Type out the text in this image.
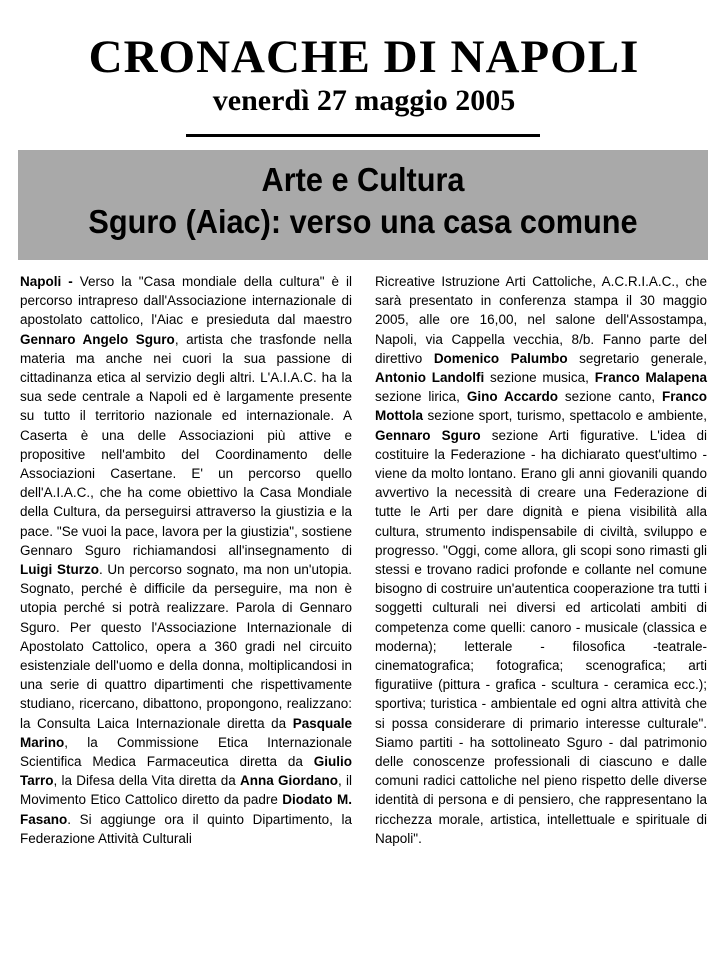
CRONACHE DI NAPOLI
venerdì 27 maggio 2005
Arte e Cultura
Sguro (Aiac): verso una casa comune
Napoli - Verso la "Casa mondiale della cultura" è il percorso intrapreso dall'Associazione internazionale di apostolato cattolico, l'Aiac e presieduta dal maestro Gennaro Angelo Sguro, artista che trasfonde nella materia ma anche nei cuori la sua passione di cittadinanza etica al servizio degli altri. L'A.I.A.C. ha la sua sede centrale a Napoli ed è largamente presente su tutto il territorio nazionale ed internazionale. A Caserta è una delle Associazioni più attive e propositive nell'ambito del Coordinamento delle Associazioni Casertane. E' un percorso quello dell'A.I.A.C., che ha come obiettivo la Casa Mondiale della Cultura, da perseguirsi attraverso la giustizia e la pace. "Se vuoi la pace, lavora per la giustizia", sostiene Gennaro Sguro richiamandosi all'insegnamento di Luigi Sturzo. Un percorso sognato, ma non un'utopia. Sognato, perché è difficile da perseguire, ma non è utopia perché si potrà realizzare. Parola di Gennaro Sguro. Per questo l'Associazione Internazionale di Apostolato Cattolico, opera a 360 gradi nel circuito esistenziale dell'uomo e della donna, moltiplicandosi in una serie di quattro dipartimenti che rispettivamente studiano, ricercano, dibattono, propongono, realizzano: la Consulta Laica Internazionale diretta da Pasquale Marino, la Commissione Etica Internazionale Scientifica Medica Farmaceutica diretta da Giulio Tarro, la Difesa della Vita diretta da Anna Giordano, il Movimento Etico Cattolico diretto da padre Diodato M. Fasano. Si aggiunge ora il quinto Dipartimento, la Federazione Attività Culturali
Ricreative Istruzione Arti Cattoliche, A.C.R.I.A.C., che sarà presentato in conferenza stampa il 30 maggio 2005, alle ore 16,00, nel salone dell'Assostampa, Napoli, via Cappella vecchia, 8/b. Fanno parte del direttivo Domenico Palumbo segretario generale, Antonio Landolfi sezione musica, Franco Malapena sezione lirica, Gino Accardo sezione canto, Franco Mottola sezione sport, turismo, spettacolo e ambiente, Gennaro Sguro sezione Arti figurative. L'idea di costituire la Federazione - ha dichiarato quest'ultimo - viene da molto lontano. Erano gli anni giovanili quando avvertivo la necessità di creare una Federazione di tutte le Arti per dare dignità e piena visibilità alla cultura, strumento indispensabile di civiltà, sviluppo e progresso. "Oggi, come allora, gli scopi sono rimasti gli stessi e trovano radici profonde e collante nel comune bisogno di costruire un'autentica cooperazione tra tutti i soggetti culturali nei diversi ed articolati ambiti di competenza come quelli: canoro - musicale (classica e moderna); letterale - filosofica -teatrale- cinematografica; fotografica; scenografica; arti figuratiive (pittura - grafica - scultura - ceramica ecc.); sportiva; turistica - ambientale ed ogni altra attività che si possa considerare di primario interesse culturale". Siamo partiti - ha sottolineato Sguro - dal patrimonio delle conoscenze professionali di ciascuno e dalle comuni radici cattoliche nel pieno rispetto delle diverse identità di persona e di pensiero, che rappresentano la ricchezza morale, artistica, intellettuale e spirituale di Napoli".
